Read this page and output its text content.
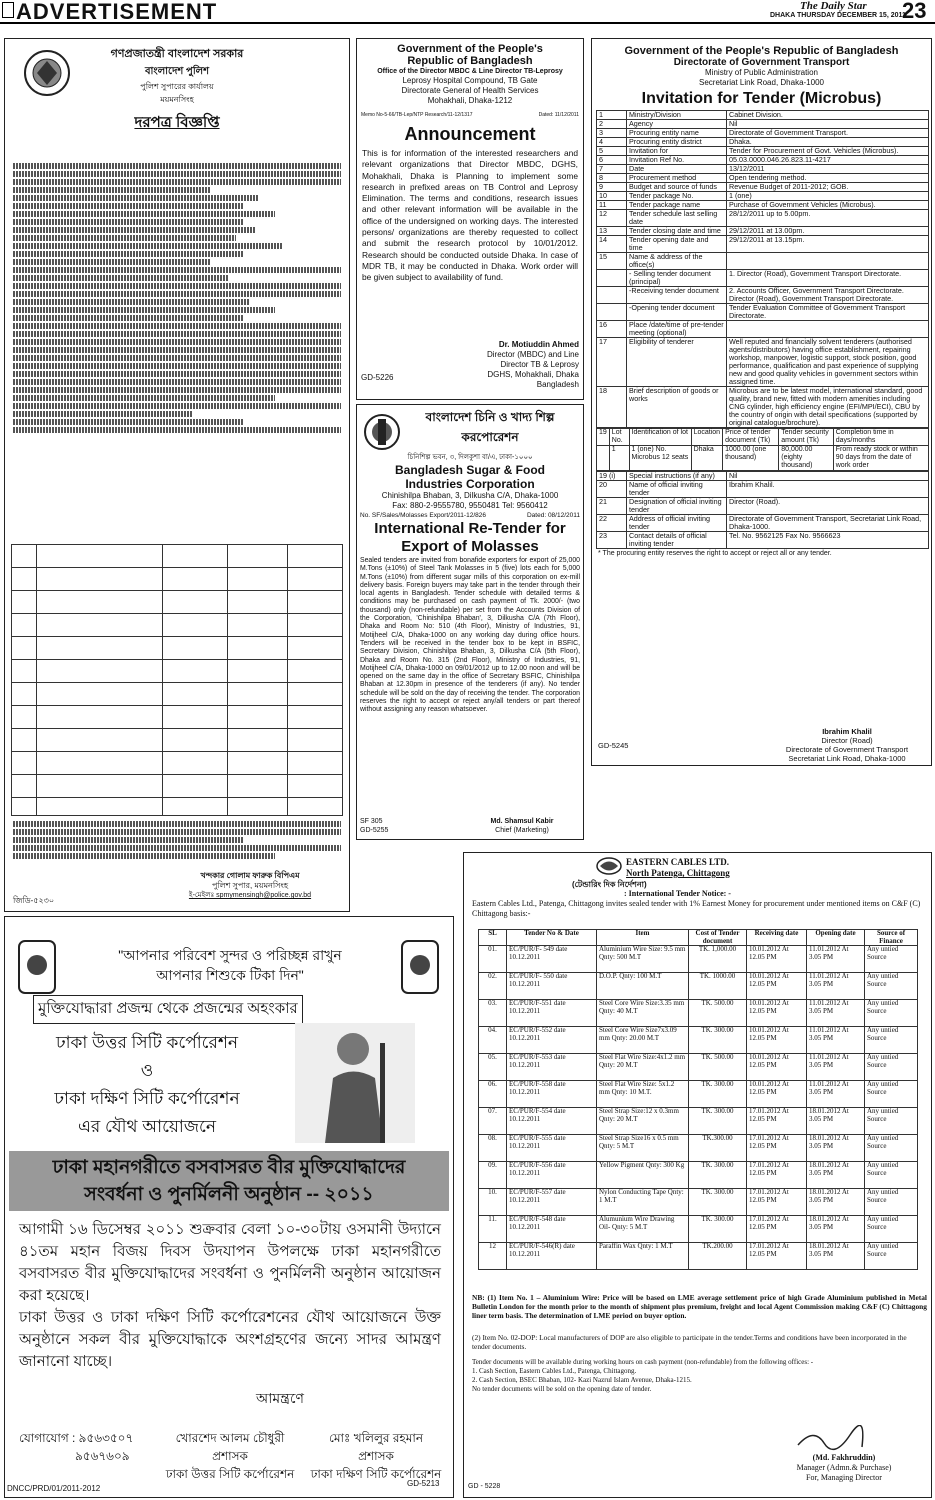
ADVERTISEMENT	The Daily Star
DHAKA THURSDAY DECEMBER 15, 2011
23
গণপ্রজাতন্ত্রী বাংলাদেশ সরকার
বাংলাদেশ পুলিশ
পুলিশ সুপারের কার্যালয়
ময়মনসিংহ
দরপত্র বিজ্ঞপ্তি
খন্দকার গোলাম ফারুক বিপিএম
পুলিশ সুপার, ময়মনসিংহ
ই-মেইলঃ spmymensingh@police.gov.bd
জিডি-৫২৩০
Government of the People's
Republic of Bangladesh
Office of the Director MBDC & Line Director TB-Leprosy
Leprosy Hospital Compound, TB Gate
Directorate General of Health Services
Mohakhali, Dhaka-1212
Memo No-5-66/TB-Lep/NTP Research/11-12/1317	Dated: 11/12/2011
Announcement
This is for information of the interested researchers and relevant organizations that Director MBDC, DGHS, Mohakhali, Dhaka is Planning to implement some research in prefixed areas on TB Control and Leprosy Elimination. The terms and conditions, research issues and other relevant information will be available in the office of the undersigned on working days. The interested persons/ organizations are thereby requested to collect and submit the research protocol by 10/01/2012. Research should be conducted outside Dhaka. In case of MDR TB, it may be conducted in Dhaka. Work order will be given subject to availability of fund.
GD-5226
Dr. Motiuddin Ahmed
Director (MBDC) and Line
Director TB & Leprosy
DGHS, Mohakhali, Dhaka
Bangladesh
বাংলাদেশ চিনি ও খাদ্য শিল্প
করপোরেশন
চিনিশিল্প ভবন, ৩, দিলকুশা বা/এ, ঢাকা-১০০০
Bangladesh Sugar & Food
Industries Corporation
Chinishilpa Bhaban, 3, Dilkusha C/A, Dhaka-1000
Fax: 880-2-9555780, 9550481 Tel: 9560412
No. SF/Sales/Molasses Export/2011-12/826	Dated: 08/12/2011
International Re-Tender for
Export of Molasses
Sealed tenders are invited from bonafide exporters for export of 25,000 M.Tons (±10%) of Steel Tank Molasses in 5 (five) lots each for 5,000 M.Tons (±10%) from different sugar mills of this corporation on ex-mill delivery basis. Foreign buyers may take part in the tender through their local agents in Bangladesh. Tender schedule with detailed terms & conditions may be purchased on cash payment of Tk. 2000/- (two thousand) only (non-refundable) per set from the Accounts Division of the Corporation, 'Chinishilpa Bhaban', 3, Dilkusha C/A (7th Floor), Dhaka and Room No: 510 (4th Floor), Ministry of Industries, 91, Motijheel C/A, Dhaka-1000 on any working day during office hours. Tenders will be received in the tender box to be kept in BSFIC, Secretary Division, Chinishilpa Bhaban, 3, Dilkusha C/A (5th Floor), Dhaka and Room No. 315 (2nd Floor), Ministry of Industries, 91, Motijheel C/A, Dhaka-1000 on 09/01/2012 up to 12.00 noon and will be opened on the same day in the office of Secretary BSFIC, Chinishilpa Bhaban at 12.30pm in presence of the tenderers (if any). No tender schedule will be sold on the day of receiving the tender. The corporation reserves the right to accept or reject any/all tenders or part thereof without assigning any reason whatsoever.
SF 305
GD-5255
Md. Shamsul Kabir
Chief (Marketing)
Government of the People's Republic of Bangladesh
Directorate of Government Transport
Ministry of Public Administration
Secretariat Link Road, Dhaka-1000
Invitation for Tender (Microbus)
1	Ministry/Division	Cabinet Division.
2	Agency	Nil
3	Procuring entity name	Directorate of Government Transport.
4	Procuring entity district	Dhaka.
5	Invitation for	Tender for Procurement of Govt. Vehicles (Microbus).
6	Invitation Ref No.	05.03.0000.046.26.823.11-4217
7	Date	13/12/2011
8	Procurement method	Open tendering method.
9	Budget and source of funds	Revenue Budget of 2011-2012; GOB.
10	Tender package No.	1 (one)
11	Tender package name	Purchase of Government Vehicles (Microbus).
12	Tender schedule last selling date	28/12/2011 up to 5.00pm.
13	Tender closing date and time	29/12/2011 at 13.00pm.
14	Tender opening date and time	29/12/2011 at 13.15pm.
15	Name & address of the office(s)	
	- Selling tender document (principal)	1. Director (Road), Government Transport Directorate.
	-Receiving tender document	2. Accounts Officer, Government Transport Directorate. Director (Road), Government Transport Directorate.
	-Opening tender document	Tender Evaluation Committee of Government Transport Directorate.
16	Place /date/time of pre-tender meeting (optional)	
17	Eligibility of tenderer	Well reputed and financially solvent tenderers (authorised agents/distributors) having office establishment, repairing workshop, manpower, logistic support, stock position, good performance, qualification and past experience of supplying new and good quality vehicles in government sectors within assigned time.
18	Brief description of goods or works	Microbus are to be latest model, international standard, good quality, brand new, fitted with modern amenities including CNG cylinder, high efficiency engine (EFI/MPI/ECI), CBU by the country of origin with detail specifications (supported by original catalogue/brochure).
19	Lot No.	Identification of lot	Location	Price of tender document (Tk)	Tender security amount (Tk)	Completion time in days/months
	1	1 (one) No. Microbus 12 seats	Dhaka	1000.00 (one thousand)	80,000.00 (eighty thousand)	From ready stock or within 90 days from the date of work order
19 (i)	Special instructions (if any)	Nil
20	Name of official inviting tender	Ibrahim Khalil.
21	Designation of official inviting tender	Director (Road).
22	Address of official inviting tender	Directorate of Government Transport, Secretariat Link Road, Dhaka-1000.
23	Contact details of official inviting tender	Tel. No. 9562125 Fax No. 9566623
* The procuring entity reserves the right to accept or reject all or any tender.
Ibrahim Khalil
Director (Road)
Directorate of Government Transport
Secretariat Link Road, Dhaka-1000
GD-5245
"আপনার পরিবেশ সুন্দর ও পরিচ্ছন্ন রাখুন
আপনার শিশুকে টিকা দিন"
মুক্তিযোদ্ধারা প্রজন্ম থেকে প্রজন্মের অহংকার
ঢাকা উত্তর সিটি কর্পোরেশন
ও
ঢাকা দক্ষিণ সিটি কর্পোরেশন
এর যৌথ আয়োজনে
ঢাকা মহানগরীতে বসবাসরত বীর মুক্তিযোদ্ধাদের
সংবর্ধনা ও পুনর্মিলনী অনুষ্ঠান -- ২০১১
আগামী ১৬ ডিসেম্বর ২০১১ শুক্রবার বেলা ১০-৩০টায় ওসমানী উদ্যানে ৪১তম মহান বিজয় দিবস উদযাপন উপলক্ষে ঢাকা মহানগরীতে বসবাসরত বীর মুক্তিযোদ্ধাদের সংবর্ধনা ও পুনর্মিলনী অনুষ্ঠান আয়োজন করা হয়েছে।
ঢাকা উত্তর ও ঢাকা দক্ষিণ সিটি কর্পোরেশনের যৌথ আয়োজনে উক্ত অনুষ্ঠানে সকল বীর মুক্তিযোদ্ধাকে অংশগ্রহণের জন্যে সাদর আমন্ত্রণ জানানো যাচ্ছে।
আমন্ত্রণে
যোগাযোগ : ৯৫৬৩৫০৭
৯৫৬৭৬০৯
খোরশেদ আলম চৌধুরী
প্রশাসক
ঢাকা উত্তর সিটি কর্পোরেশন
মোঃ খলিলুর রহমান
প্রশাসক
ঢাকা দক্ষিণ সিটি কর্পোরেশন
DNCC/PRD/01/2011-2012
GD-5213
EASTERN CABLES LTD.
North Patenga, Chittagong
(টেন্ডারিং দিক নির্দেশনা)
: International Tender Notice: -
Eastern Cables Ltd., Patenga, Chittagong invites sealed tender with 1% Earnest Money for procurement under mentioned items on C&F (C) Chittagong basis:-
SL	Tender No & Date	Item	Cost of Tender document	Receiving date	Opening date	Source of Finance
01.	EC/PUR/F- 549 date 10.12.2011	Aluminium Wire Size: 9.5 mm Qnty: 500 M.T	TK. 1,000.00	10.01.2012 At 12.05 PM	11.01.2012 At 3.05 PM	Any untied Source
02.	EC/PUR/F- 550 date 10.12.2011	D.O.P. Qnty: 100 M.T	TK. 1000.00	10.01.2012 At 12.05 PM	11.01.2012 At 3.05 PM	Any untied Source
03.	EC/PUR/F-551 date 10.12.2011	Steel Core Wire Size:3.35 mm Qnty: 40 M.T	TK. 500.00	10.01.2012 At 12.05 PM	11.01.2012 At 3.05 PM	Any untied Source
04.	EC/PUR/F-552 date 10.12.2011	Steel Core Wire Size7x3.09 mm Qnty: 20.00 M.T	TK. 300.00	10.01.2012 At 12.05 PM	11.01.2012 At 3.05 PM	Any untied Source
05.	EC/PUR/F-553 date 10.12.2011	Steel Flat Wire Size:4x1.2 mm Qnty: 20 M.T	TK. 500.00	10.01.2012 At 12.05 PM	11.01.2012 At 3.05 PM	Any untied Source
06.	EC/PUR/F-558 date 10.12.2011	Steel Flat Wire Size: 5x1.2 mm Qnty: 10 M.T.	TK. 300.00	10.01.2012 At 12.05 PM	11.01.2012 At 3.05 PM	Any untied Source
07.	EC/PUR/F-554 date 10.12.2011	Steel Strap Size:12 x 0.3mm Qnty: 20 M.T	TK. 300.00	17.01.2012 At 12.05 PM	18.01.2012 At 3.05 PM	Any untied Source
08.	EC/PUR/F-555 date 10.12.2011	Steel Strap Size16 x 0.5 mm Qnty: 5 M.T	TK.300.00	17.01.2012 At 12.05 PM	18.01.2012 At 3.05 PM	Any untied Source
09.	EC/PUR/F-556 date 10.12.2011	Yellow Pigment Qnty: 300 Kg	TK. 300.00	17.01.2012 At 12.05 PM	18.01.2012 At 3.05 PM	Any untied Source
10.	EC/PUR/F-557 date 10.12.2011	Nylon Conducting Tape Qnty: 1 M.T	TK. 300.00	17.01.2012 At 12.05 PM	18.01.2012 At 3.05 PM	Any untied Source
11.	EC/PUR/F-548 date 10.12.2011	Alumunium Wire Drawing Oil- Qnty: 5 M.T	TK. 300.00	17.01.2012 At 12.05 PM	18.01.2012 At 3.05 PM	Any untied Source
12	EC/PUR/F-546(R) date 10.12.2011	Paraffin Wax Qnty: 1 M.T	TK.200.00	17.01.2012 At 12.05 PM	18.01.2012 At 3.05 PM	Any untied Source
NB: (1) Item No. 1 – Aluminium Wire: Price will be based on LME average settlement price of high Grade Aluminium published in Metal Bulletin London for the month prior to the month of shipment plus premium, freight and local Agent Commission making C&F (C) Chittagong liner term basis. The determination of LME period on buyer option.
(2) Item No. 02-DOP: Local manufacturers of DOP are also eligible to participate in the tender.Terms and conditions have been incorporated in the tender documents.
Tender documents will be available during working hours on cash payment (non-refundable) from the following offices: -
1. Cash Section, Eastern Cables Ltd., Patenga, Chittagong.
2. Cash Section, BSEC Bhaban, 102- Kazi Nazrul Islam Avenue, Dhaka-1215.
No tender documents will be sold on the opening date of tender.
(Md. Fakhruddin)
Manager (Admn.& Purchase)
For, Managing Director
GD - 5228
